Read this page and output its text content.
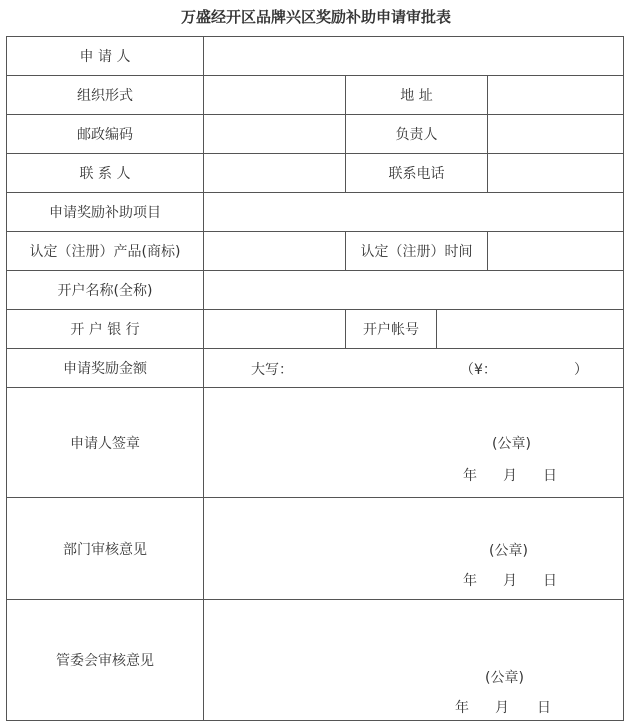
万盛经开区品牌兴区奖励补助申请审批表
申 请 人
组织形式	地 址
邮政编码	负责人
联 系 人	联系电话
申请奖励补助项目
认定（注册）产品(商标)	认定（注册）时间
开户名称(全称)
开 户 银 行	开户帐号
申请奖励金额	大写：	（¥：	）
申请人签章	(公章)
年 月 日
部门审核意见	(公章)
年 月 日
管委会审核意见
(公章)
年 月 日
